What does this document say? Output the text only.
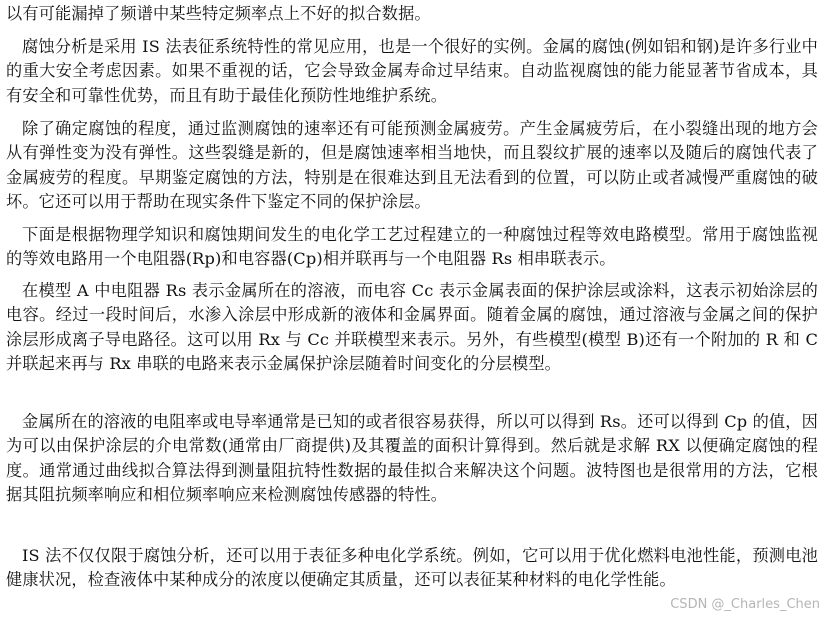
以有可能漏掉了频谱中某些特定频率点上不好的拟合数据。

腐蚀分析是采用 IS 法表征系统特性的常见应用，也是一个很好的实例。金属的腐蚀(例如铝和钢)是许多行业中的重大安全考虑因素。如果不重视的话，它会导致金属寿命过早结束。自动监视腐蚀的能力能显著节省成本，具有安全和可靠性优势，而且有助于最佳化预防性地维护系统。

除了确定腐蚀的程度，通过监测腐蚀的速率还有可能预测金属疲劳。产生金属疲劳后，在小裂缝出现的地方会从有弹性变为没有弹性。这些裂缝是新的，但是腐蚀速率相当地快，而且裂纹扩展的速率以及随后的腐蚀代表了金属疲劳的程度。早期鉴定腐蚀的方法，特别是在很难达到且无法看到的位置，可以防止或者减慢严重腐蚀的破坏。它还可以用于帮助在现实条件下鉴定不同的保护涂层。

下面是根据物理学知识和腐蚀期间发生的电化学工艺过程建立的一种腐蚀过程等效电路模型。常用于腐蚀监视的等效电路用一个电阻器(Rp)和电容器(Cp)相并联再与一个电阻器 Rs 相串联表示。

在模型 A 中电阻器 Rs 表示金属所在的溶液，而电容 Cc 表示金属表面的保护涂层或涂料，这表示初始涂层的电容。经过一段时间后，水渗入涂层中形成新的液体和金属界面。随着金属的腐蚀，通过溶液与金属之间的保护涂层形成离子导电路径。这可以用 Rx 与 Cc 并联模型来表示。另外，有些模型(模型 B)还有一个附加的 R 和 C 并联起来再与 Rx 串联的电路来表示金属保护涂层随着时间变化的分层模型。

金属所在的溶液的电阻率或电导率通常是已知的或者很容易获得，所以可以得到 Rs。还可以得到 Cp 的值，因为可以由保护涂层的介电常数(通常由厂商提供)及其覆盖的面积计算得到。然后就是求解 RX 以便确定腐蚀的程度。通常通过曲线拟合算法得到测量阻抗特性数据的最佳拟合来解决这个问题。波特图也是很常用的方法，它根据其阻抗频率响应和相位频率响应来检测腐蚀传感器的特性。

IS 法不仅仅限于腐蚀分析，还可以用于表征多种电化学系统。例如，它可以用于优化燃料电池性能，预测电池健康状况，检查液体中某种成分的浓度以便确定其质量，还可以表征某种材料的电化学性能。

CSDN @_Charles_Chen
